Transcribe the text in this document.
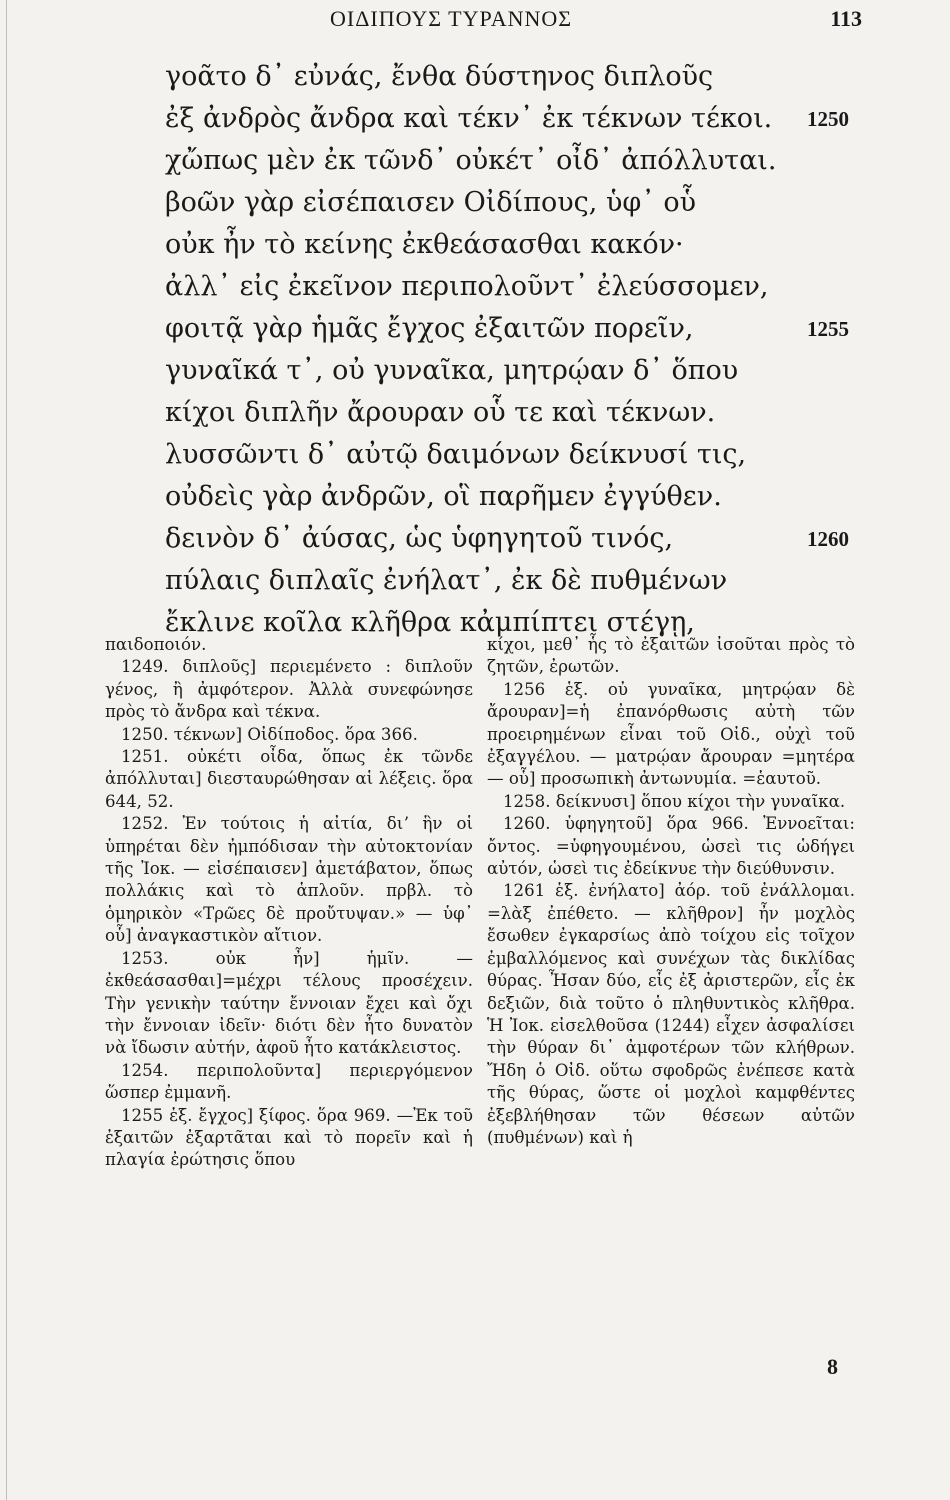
ΟΙΔΙΠΟΥΣ ΤΥΡΑΝΝΟΣ	113
γοᾶτο δ᾽ εὐνάς, ἔνθα δύστηνος διπλοῦς
ἐξ ἀνδρὸς ἄνδρα καὶ τέκν᾽ ἐκ τέκνων τέκοι. 1250
χὤπως μὲν ἐκ τῶνδ᾽ οὐκέτ᾽ οἶδ᾽ ἀπόλλυται.
βοῶν γὰρ εἰσέπαισεν Οἰδίπους, ὑφ᾽ οὗ
οὐκ ἦν τὸ κείνης ἐκθεάσασθαι κακόν·
ἀλλ᾽ εἰς ἐκεῖνον περιπολοῦντ᾽ ἐλεύσσομεν,
φοιτᾷ γὰρ ἡμᾶς ἔγχος ἐξαιτῶν πορεῖν,	1255
γυναῖκά τ᾽, οὐ γυναῖκα, μητρῴαν δ᾽ ὅπου
κίχοι διπλῆν ἄρουραν οὗ τε καὶ τέκνων.
λυσσῶντι δ᾽ αὐτῷ δαιμόνων δείκνυσί τις,
οὐδεὶς γὰρ ἀνδρῶν, οἳ παρῆμεν ἐγγύθεν.
δεινὸν δ᾽ ἀύσας, ὡς ὑφηγητοῦ τινός,	1260
πύλαις διπλαῖς ἐνήλατ᾽, ἐκ δὲ πυθμένων
ἔκλινε κοῖλα κλῆθρα κἀμπίπτει στέγῃ,

παιδοποιόν.

1249. διπλοῦς] περιεμένετο : διπλοῦν γένος, ἢ ἀμφότερον. Ἀλλὰ συνεφώνησε πρὸς τὸ ἄνδρα καὶ τέκνα.

1250. τέκνων] Οἰδίποδος. ὅρα 366.

1251. οὐκέτι οἶδα, ὅπως ἐκ τῶνδε ἀπόλλυται] διεσταυρώθησαν αἱ λέξεις. ὅρα 644, 52.

1252. Ἐν τούτοις ἡ αἰτία, διʼ ἣν οἱ ὑπηρέται δὲν ἠμπόδισαν τὴν αὐτοκτονίαν τῆς Ἰοκ. — εἰσέπαισεν] ἀμετάβατον, ὅπως πολλάκις καὶ τὸ ἁπλοῦν. πρβλ. τὸ ὁμηρικὸν «Τρῶες δὲ προὔτυψαν.» — ὑφ᾽ οὗ] ἀναγκαστικὸν αἴτιον.

1253. οὐκ ἦν] ἡμῖν. — ἐκθεάσασθαι]=μέχρι τέλους προσέχειν. Τὴν γενικὴν ταύτην ἔννοιαν ἔχει καὶ ὄχι τὴν ἔννοιαν ἰδεῖν· διότι δὲν ἦτο δυνατὸν νὰ ἴδωσιν αὐτήν, ἀφοῦ ἦτο κατάκλειστος.

1254. περιπολοῦντα] περιεργόμενον ὥσπερ ἐμμανῆ.

1255 ἑξ. ἔγχος] ξίφος. ὅρα 969. —Ἐκ τοῦ ἐξαιτῶν ἐξαρτᾶται καὶ τὸ πορεῖν καὶ ἡ πλαγία ἐρώτησις ὅπου

κίχοι, μεθ᾽ ἧς τὸ ἐξαιτῶν ἰσοῦται πρὸς τὸ ζητῶν, ἐρωτῶν.

1256 ἑξ. οὐ γυναῖκα, μητρῴαν δὲ ἄρουραν]=ἡ ἐπανόρθωσις αὐτὴ τῶν προειρημένων εἶναι τοῦ Οἰδ., οὐχὶ τοῦ ἐξαγγέλου. — ματρῴαν ἄρουραν =μητέρα — οὗ] προσωπικὴ ἀντωνυμία. =ἑαυτοῦ.

1258. δείκνυσι] ὅπου κίχοι τὴν γυναῖκα.

1260. ὑφηγητοῦ] ὅρα 966. Ἐννοεῖται: ὄντος. =ὑφηγουμένου, ὡσεὶ τις ὡδήγει αὐτόν, ὡσεὶ τις ἐδείκνυε τὴν διεύθυνσιν.

1261 ἑξ. ἐνήλατο] ἀόρ. τοῦ ἐνάλλομαι. =λὰξ ἐπέθετο. — κλῆθρον] ἦν μοχλὸς ἔσωθεν ἐγκαρσίως ἀπὸ τοίχου εἰς τοῖχον ἐμβαλλόμενος καὶ συνέχων τὰς δικλίδας θύρας. Ἦσαν δύο, εἷς ἐξ ἀριστερῶν, εἷς ἐκ δεξιῶν, διὰ τοῦτο ὁ πληθυντικὸς κλῆθρα. Ἡ Ἰοκ. εἰσελθοῦσα (1244) εἶχεν ἀσφαλίσει τὴν θύραν δι᾽ ἀμφοτέρων τῶν κλήθρων. Ἤδη ὁ Οἰδ. οὕτω σφοδρῶς ἐνέπεσε κατὰ τῆς θύρας, ὥστε οἱ μοχλοὶ καμφθέντες ἐξεβλήθησαν τῶν θέσεων αὐτῶν (πυθμένων) καὶ ἡ

8
